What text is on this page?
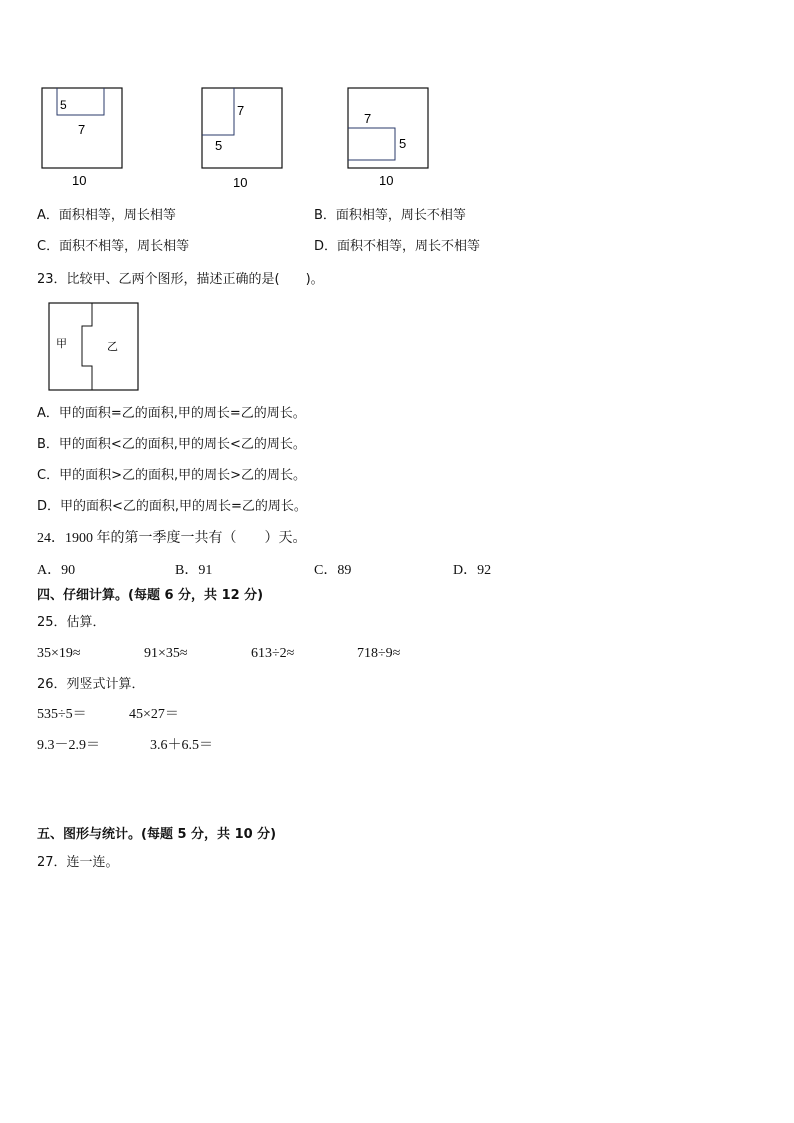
5
7
10
7
5
10
7
5
10
A．面积相等，周长相等	B．面积相等，周长不相等
C．面积不相等，周长相等	D．面积不相等，周长不相等
23．比较甲、乙两个图形，描述正确的是(　　)。
甲	乙
A．甲的面积=乙的面积,甲的周长=乙的周长。
B．甲的面积<乙的面积,甲的周长<乙的周长。
C．甲的面积>乙的面积,甲的周长>乙的周长。
D．甲的面积<乙的面积,甲的周长=乙的周长。
24．1900 年的第一季度一共有（　　）天。
A．90	B．91	C．89	D．92
四、仔细计算。(每题 6 分，共 12 分)
25．估算．
35×19≈	91×35≈	613÷2≈	718÷9≈
26．列竖式计算．
535÷5＝	45×27＝
9.3－2.9＝	3.6＋6.5＝
五、图形与统计。(每题 5 分，共 10 分)
27．连一连。
